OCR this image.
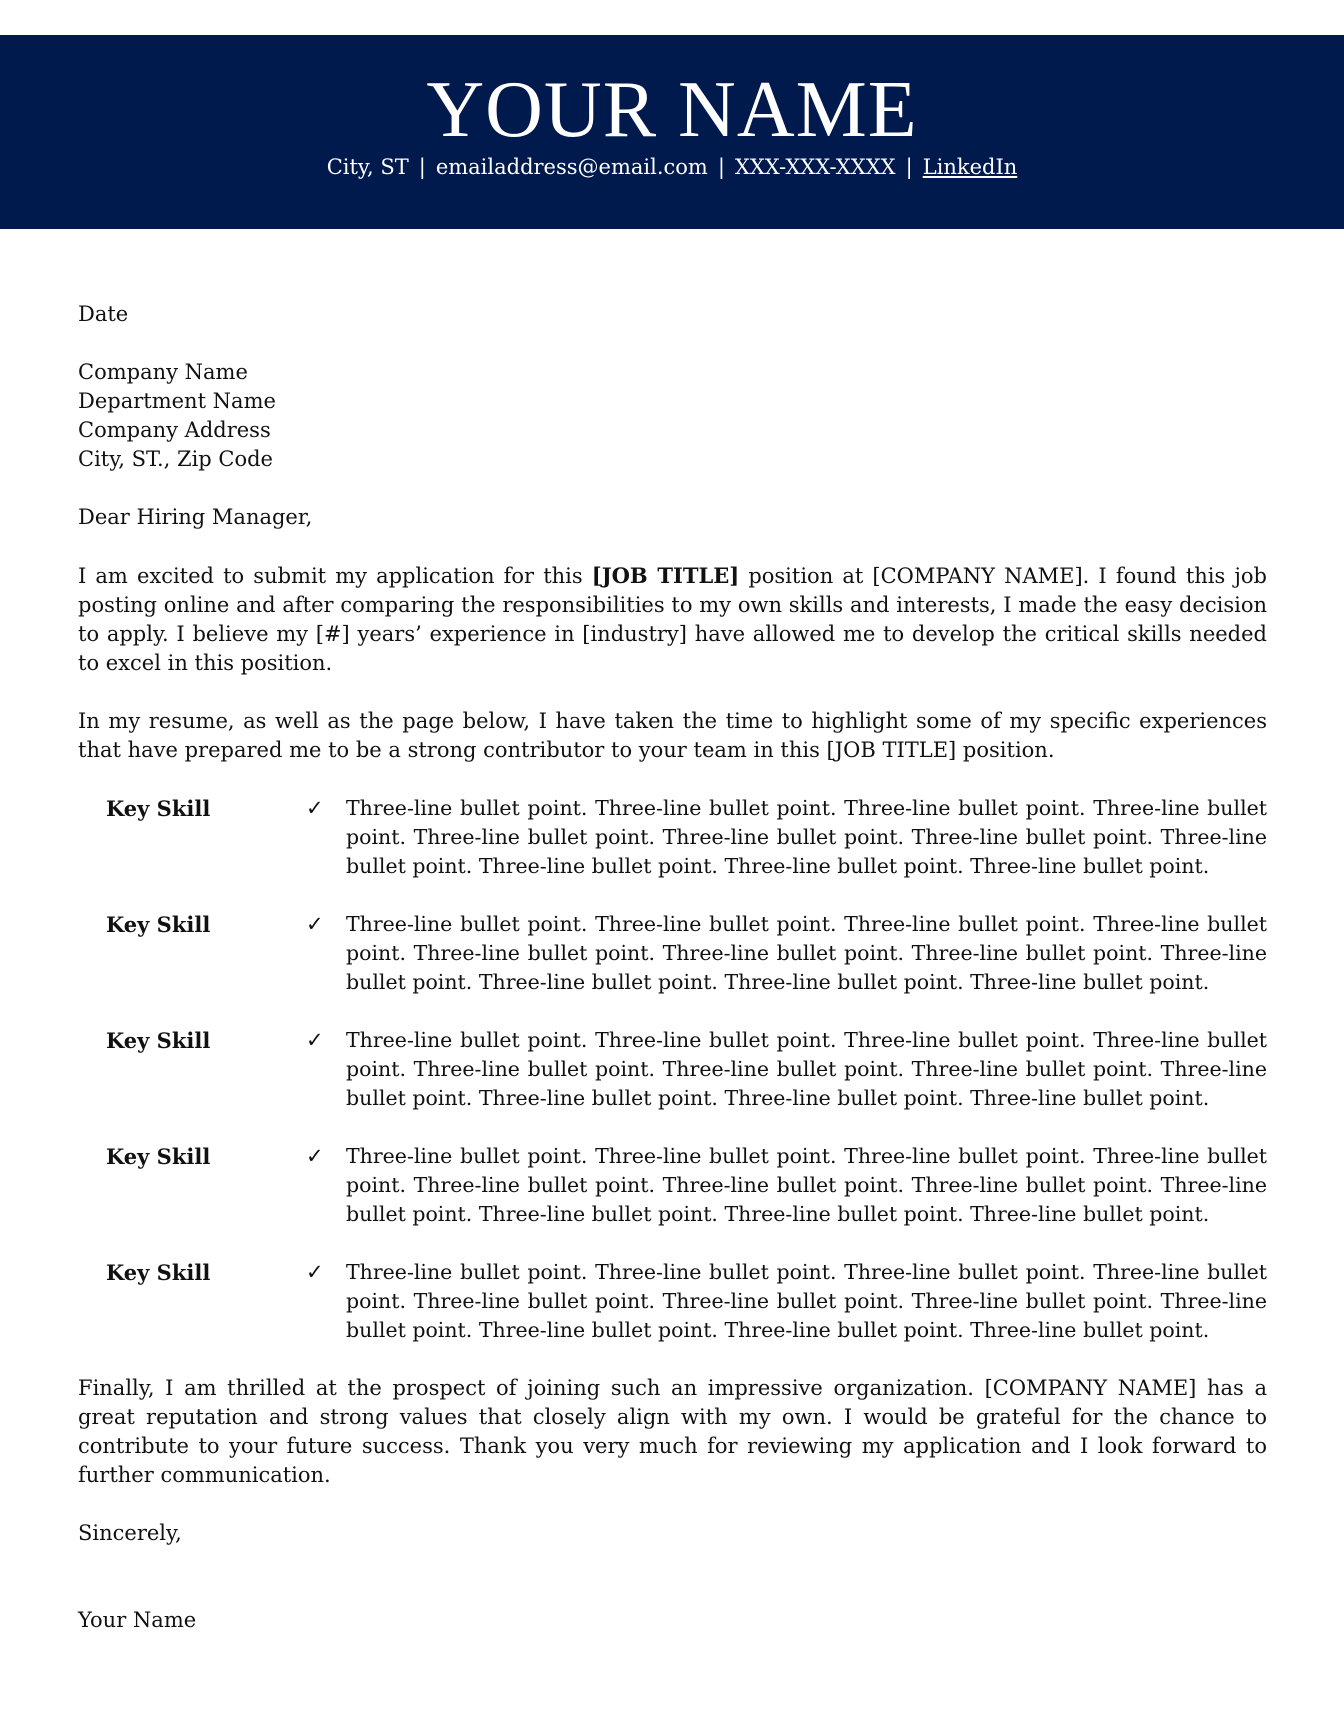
YOUR NAME
City, ST | emailaddress@email.com | XXX-XXX-XXXX | LinkedIn

Date

Company Name

Department Name

Company Address

City, ST., Zip Code

Dear Hiring Manager,

I am excited to submit my application for this [JOB TITLE] position at [COMPANY NAME]. I found this job posting online and after comparing the responsibilities to my own skills and interests, I made the easy decision to apply. I believe my [#] years’ experience in [industry] have allowed me to develop the critical skills needed to excel in this position.

In my resume, as well as the page below, I have taken the time to highlight some of my specific experiences that have prepared me to be a strong contributor to your team in this [JOB TITLE] position.

Key Skill	✓	Three-line bullet point. Three-line bullet point. Three-line bullet point. Three-line bullet point. Three-line bullet point. Three-line bullet point. Three-line bullet point. Three-line bullet point. Three-line bullet point. Three-line bullet point. Three-line bullet point.
Key Skill	✓	Three-line bullet point. Three-line bullet point. Three-line bullet point. Three-line bullet point. Three-line bullet point. Three-line bullet point. Three-line bullet point. Three-line bullet point. Three-line bullet point. Three-line bullet point. Three-line bullet point.
Key Skill	✓	Three-line bullet point. Three-line bullet point. Three-line bullet point. Three-line bullet point. Three-line bullet point. Three-line bullet point. Three-line bullet point. Three-line bullet point. Three-line bullet point. Three-line bullet point. Three-line bullet point.
Key Skill	✓	Three-line bullet point. Three-line bullet point. Three-line bullet point. Three-line bullet point. Three-line bullet point. Three-line bullet point. Three-line bullet point. Three-line bullet point. Three-line bullet point. Three-line bullet point. Three-line bullet point.
Key Skill	✓	Three-line bullet point. Three-line bullet point. Three-line bullet point. Three-line bullet point. Three-line bullet point. Three-line bullet point. Three-line bullet point. Three-line bullet point. Three-line bullet point. Three-line bullet point. Three-line bullet point.

Finally, I am thrilled at the prospect of joining such an impressive organization. [COMPANY NAME] has a great reputation and strong values that closely align with my own. I would be grateful for the chance to contribute to your future success. Thank you very much for reviewing my application and I look forward to further communication.

Sincerely,

Your Name
